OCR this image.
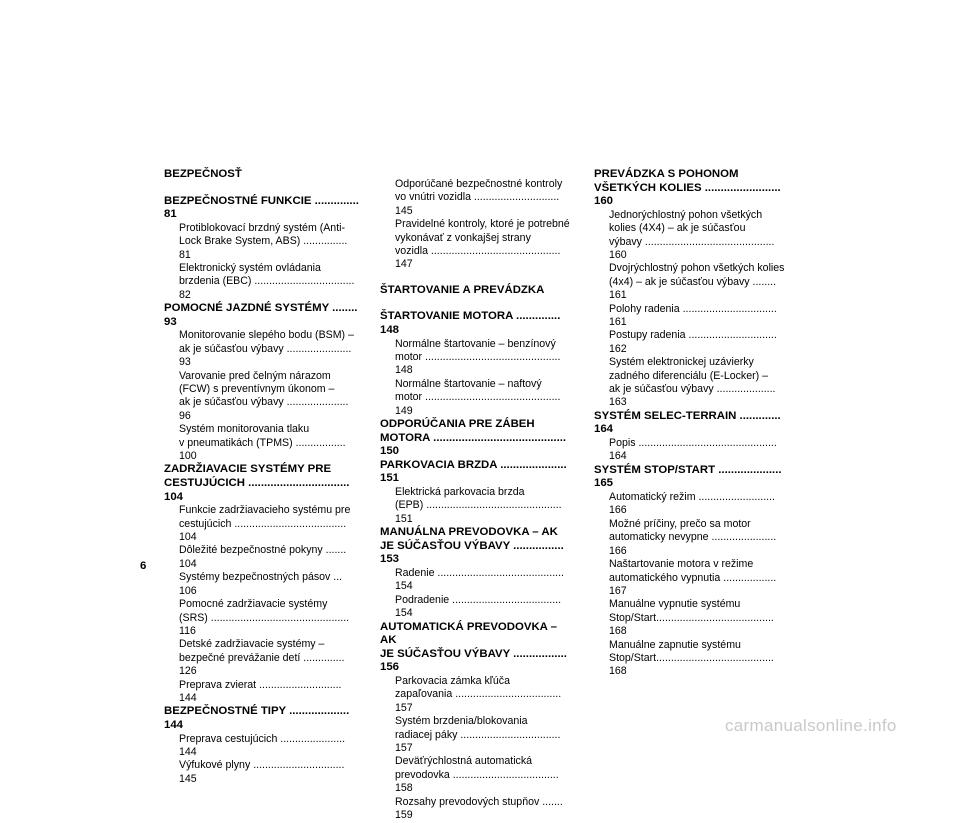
BEZPEČNOSŤ
BEZPEČNOSTNÉ FUNKCIE .............. 81
Protiblokovací brzdný systém (Anti-
Lock Brake System, ABS) ............... 81
Elektronický systém ovládania
brzdenia (EBC) .................................. 82
POMOCNÉ JAZDNÉ SYSTÉMY ........ 93
Monitorovanie slepého bodu (BSM) –
ak je súčasťou výbavy ...................... 93
Varovanie pred čelným nárazom
(FCW) s preventívnym úkonom –
ak je súčasťou výbavy ..................... 96
Systém monitorovania tlaku
v pneumatikách (TPMS) ................. 100
ZADRŽIAVACIE SYSTÉMY PRE
CESTUJÚCICH ................................ 104
Funkcie zadržiavacieho systému pre
cestujúcich ...................................... 104
Dôležité bezpečnostné pokyny ....... 104
Systémy bezpečnostných pásov ... 106
Pomocné zadržiavacie systémy
(SRS) ............................................... 116
Detské zadržiavacie systémy –
bezpečné prevážanie detí .............. 126
Preprava zvierat ............................ 144
BEZPEČNOSTNÉ TIPY ................... 144
Preprava cestujúcich ...................... 144
Výfukové plyny ............................... 145
Odporúčané bezpečnostné kontroly
vo vnútri vozidla ............................. 145
Pravidelné kontroly, ktoré je potrebné
vykonávať z vonkajšej strany
vozidla ............................................ 147
ŠTARTOVANIE A PREVÁDZKA
ŠTARTOVANIE MOTORA .............. 148
Normálne štartovanie – benzínový
motor .............................................. 148
Normálne štartovanie – naftový
motor .............................................. 149
ODPORÚČANIA PRE ZÁBEH
MOTORA .......................................... 150
PARKOVACIA BRZDA ..................... 151
Elektrická parkovacia brzda
(EPB) .............................................. 151
MANUÁLNA PREVODOVKA – AK
JE SÚČASŤOU VÝBAVY ................ 153
Radenie ........................................... 154
Podradenie ..................................... 154
AUTOMATICKÁ PREVODOVKA – AK
JE SÚČASŤOU VÝBAVY ................. 156
Parkovacia zámka kľúča
zapaľovania .................................... 157
Systém brzdenia/blokovania
radiacej páky .................................. 157
Deväťrýchlostná automatická
prevodovka .................................... 158
Rozsahy prevodových stupňov ....... 159
PREVÁDZKA S POHONOM
VŠETKÝCH KOLIES ........................ 160
Jednorýchlostný pohon všetkých
kolies (4X4) – ak je súčasťou
výbavy ............................................ 160
Dvojrýchlostný pohon všetkých kolies
(4x4) – ak je súčasťou výbavy ........ 161
Polohy radenia ................................ 161
Postupy radenia .............................. 162
Systém elektronickej uzávierky
zadného diferenciálu (E-Locker) –
ak je súčasťou výbavy .................... 163
SYSTÉM SELEC-TERRAIN ............. 164
Popis ............................................... 164
SYSTÉM STOP/START .................... 165
Automatický režim .......................... 166
Možné príčiny, prečo sa motor
automaticky nevypne ...................... 166
Naštartovanie motora v režime
automatického vypnutia .................. 167
Manuálne vypnutie systému
Stop/Start........................................ 168
Manuálne zapnutie systému
Stop/Start........................................ 168
6
carmanualsonline.info
